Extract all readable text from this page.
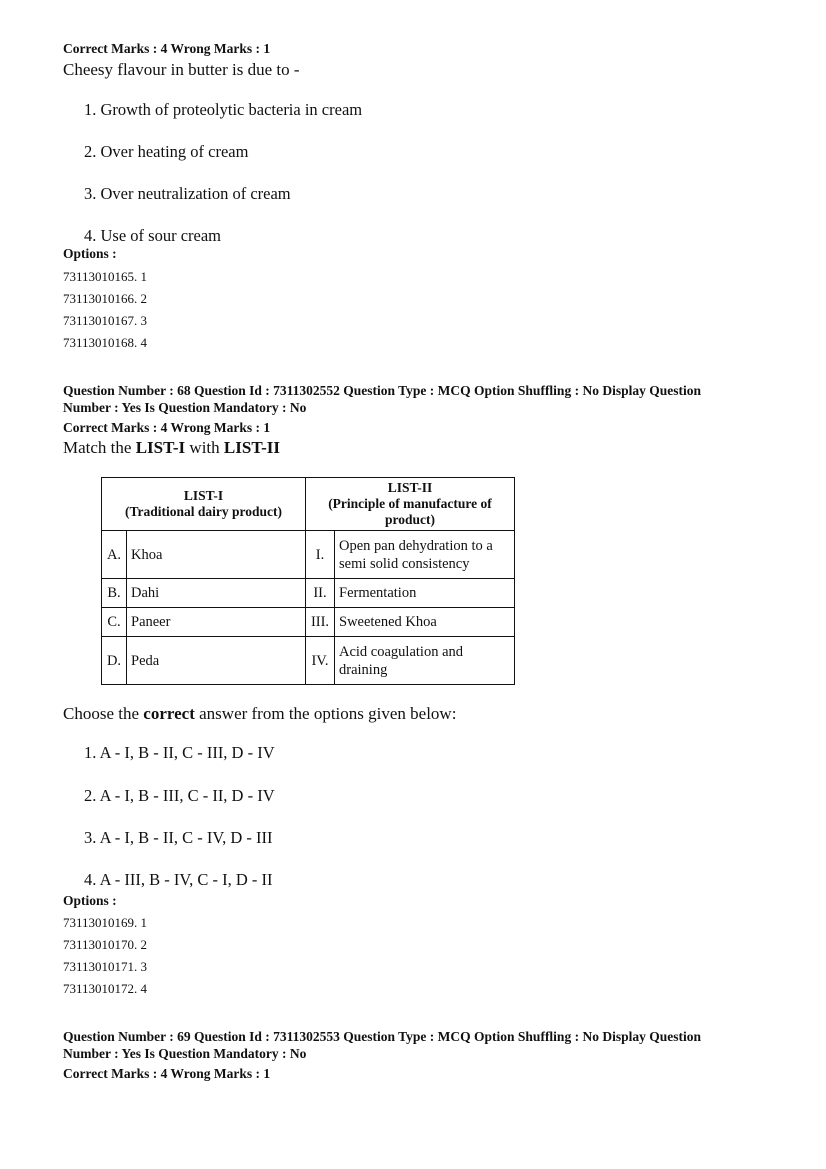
Correct Marks : 4 Wrong Marks : 1
Cheesy flavour in butter is due to -
1. Growth of proteolytic bacteria in cream
2. Over heating of cream
3. Over neutralization of cream
4. Use of sour cream
Options :
73113010165. 1
73113010166. 2
73113010167. 3
73113010168. 4
Question Number : 68 Question Id : 7311302552 Question Type : MCQ Option Shuffling : No Display Question
Number : Yes Is Question Mandatory : No
Correct Marks : 4 Wrong Marks : 1
Match the LIST-I with LIST-II
LIST-I
(Traditional dairy product)		LIST-II
(Principle of manufacture of product)	
A.	Khoa	I.	Open pan dehydration to a semi solid consistency
B.	Dahi	II.	Fermentation
C.	Paneer	III.	Sweetened Khoa
D.	Peda	IV.	Acid coagulation and draining
Choose the correct answer from the options given below:
1. A - I, B - II, C - III, D - IV
2. A - I, B - III, C - II, D - IV
3. A - I, B - II, C - IV, D - III
4. A - III, B - IV, C - I, D - II
Options :
73113010169. 1
73113010170. 2
73113010171. 3
73113010172. 4
Question Number : 69 Question Id : 7311302553 Question Type : MCQ Option Shuffling : No Display Question
Number : Yes Is Question Mandatory : No
Correct Marks : 4 Wrong Marks : 1
